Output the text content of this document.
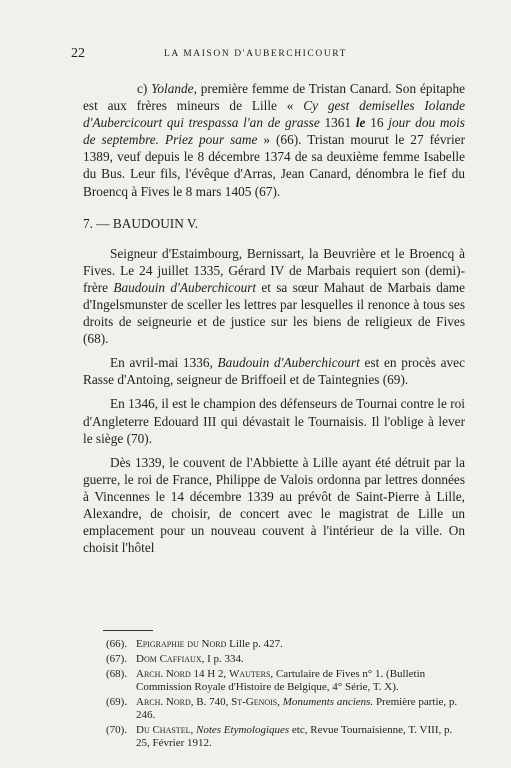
22	LA MAISON D'AUBERCHICOURT

c) Yolande, première femme de Tristan Canard. Son épitaphe est aux frères mineurs de Lille « Cy gest demiselles Iolande d'Aubercicourt qui trespassa l'an de grasse 1361 le 16 jour dou mois de septembre. Priez pour same » (66). Tristan mourut le 27 février 1389, veuf depuis le 8 décembre 1374 de sa deuxième femme Isabelle du Bus. Leur fils, l'évêque d'Arras, Jean Canard, dénombra le fief du Broencq à Fives le 8 mars 1405 (67).

7. — BAUDOUIN V.

Seigneur d'Estaimbourg, Bernissart, la Beuvrière et le Broencq à Fives. Le 24 juillet 1335, Gérard IV de Marbais requiert son (demi)-frère Baudouin d'Auberchicourt et sa sœur Mahaut de Marbais dame d'Ingelsmunster de sceller les lettres par lesquelles il renonce à tous ses droits de seigneurie et de justice sur les biens de religieux de Fives (68).

En avril-mai 1336, Baudouin d'Auberchicourt est en procès avec Rasse d'Antoing, seigneur de Briffoeil et de Taintegnies (69).

En 1346, il est le champion des défenseurs de Tournai contre le roi d'Angleterre Edouard III qui dévastait le Tournaisis. Il l'oblige à lever le siège (70).

Dès 1339, le couvent de l'Abbiette à Lille ayant été détruit par la guerre, le roi de France, Philippe de Valois ordonna par lettres données à Vincennes le 14 décembre 1339 au prévôt de Saint-Pierre à Lille, Alexandre, de choisir, de concert avec le magistrat de Lille un emplacement pour un nouveau couvent à l'intérieur de la ville. On choisit l'hôtel

(66). Epigraphie du Nord Lille p. 427.
(67). Dom Caffiaux, I p. 334.
(68). Arch. Nord 14 H 2, Wauters, Cartulaire de Fives n° 1. (Bulletin Commission Royale d'Histoire de Belgique, 4° Série, T. X).
(69). Arch. Nord, B. 740, St-Genois, Monuments anciens. Première partie, p. 246.
(70). Du Chastel, Notes Etymologiques etc, Revue Tournaisienne, T. VIII, p. 25, Février 1912.
